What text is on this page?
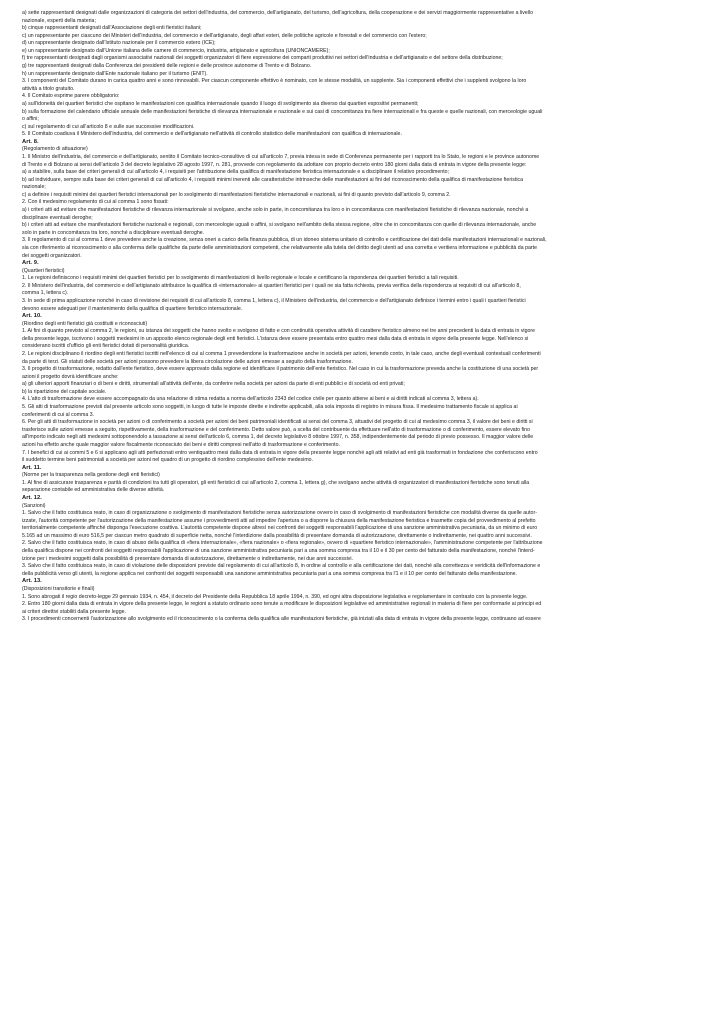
a) sette rappresentanti designati dalle organizzazioni di categoria dei settori dell'industria, del commercio, dell'artigianato, del turismo, dell'agricoltura, della cooperazione e dei servizi maggiormente rappresentative a livello
nazionale, esperti della materia;
b) cinque rappresentanti designati dall'Associazione degli enti fieristici italiani;
c) un rappresentante per ciascuno dei Ministeri dell'industria, del commercio e dell'artigianato, degli affari esteri, delle politiche agricole e forestali e del commercio con l'estero;
d) un rappresentante designato dall'Istituto nazionale per il commercio estero (ICE);
e) un rappresentante designato dall'Unione italiana delle camere di commercio, industria, artigianato e agricoltura (UNIONCAMERE);
f) tre rappresentanti designati dagli organismi associativi nazionali dei soggetti organizzatori di fiere espressione dei comparti produttivi nei settori dell'industria e dell'artigianato e del settore della distribuzione;
g) tre rappresentanti designati dalla Conferenza dei presidenti delle regioni e delle province autonome di Trento e di Bolzano.
h) un rappresentante designato dall'Ente nazionale italiano per il turismo (ENIT).
3. I componenti del Comitato durano in carica quattro anni e sono rinnovabili. Per ciascun componente effettivo è nominato, con le stesse modalità, un supplente. Sia i componenti effettivi che i supplenti svolgono la loro
attività a titolo gratuito.
4. Il Comitato esprime parere obbligatorio:
a) sull'idoneità dei quartieri fieristici che ospitano le manifestazioni con qualifica internazionale quando il luogo di svolgimento sia diverso dai quartieri espositivi permanenti;
b) sulla formazione del calendario ufficiale annuale delle manifestazioni fieristiche di rilevanza internazionale e nazionale e sui casi di concomitanza tra fiere internazionali e fra queste e quelle nazionali, con merceologie uguali
o affini;
c) sul regolamento di cui all'articolo 8 e sulle sue successive modificazioni.
5. Il Comitato coadiuva il Ministero dell'industria, del commercio e dell'artigianato nell'attività di controllo statistico delle manifestazioni con qualifica di internazionale.
Art. 8.
(Regolamento di attuazione)
1. Il Ministro dell'industria, del commercio e dell'artigianato, sentito il Comitato tecnico-consultivo di cui all'articolo 7, previa intesa in sede di Conferenza permanente per i rapporti tra lo Stato, le regioni e le province autonome
di Trento e di Bolzano ai sensi dell'articolo 3 del decreto legislativo 28 agosto 1997, n. 281, provvede con regolamento da adottare con proprio decreto entro 180 giorni dalla data di entrata in vigore della presente legge:
a) a stabilire, sulla base dei criteri generali di cui all'articolo 4, i requisiti per l'attribuzione della qualifica di manifestazione fieristica internazionale e a disciplinare il relativo procedimento;
b) ad individuare, sempre sulla base dei criteri generali di cui all'articolo 4, i requisiti minimi inerenti alle caratteristiche intrinseche delle manifestazioni ai fini del riconoscimento della qualifica di manifestazione fieristica
nazionale;
c) a definire i requisiti minimi dei quartieri fieristici internazionali per lo svolgimento di manifestazioni fieristiche internazionali e nazionali, ai fini di quanto previsto dall'articolo 9, comma 2.
2. Con il medesimo regolamento di cui al comma 1 sono fissati:
a) i criteri atti ad evitare che manifestazioni fieristiche di rilevanza internazionale si svolgano, anche solo in parte, in concomitanza tra loro o in concomitanza con manifestazioni fieristiche di rilevanza nazionale, nonché a
disciplinare eventuali deroghe;
b) i criteri atti ad evitare che manifestazioni fieristiche nazionali e regionali, con merceologie uguali o affini, si svolgano nell'ambito della stessa regione, oltre che in concomitanza con quelle di rilevanza internazionale, anche
solo in parte in concomitanza tra loro, nonché a disciplinare eventuali deroghe.
3. Il regolamento di cui al comma 1 deve prevedere anche la creazione, senza oneri a carico della finanza pubblica, di un idoneo sistema unitario di controllo e certificazione dei dati delle manifestazioni internazionali e nazionali,
sia con riferimento al riconoscimento o alla conferma delle qualifiche da parte delle amministrazioni competenti, che relativamente alla tutela del diritto degli utenti ad una corretta e veritiera informazione e pubblicità da parte
dei soggetti organizzatori.
Art. 9.
(Quartieri fieristici)
1. Le regioni definiscono i requisiti minimi dei quartieri fieristici per lo svolgimento di manifestazioni di livello regionale e locale e certificano la rispondenza dei quartieri fieristici a tali requisiti.
2. Il Ministero dell'industria, del commercio e dell'artigianato attribuisce la qualifica di «internazionale» ai quartieri fieristici per i quali ne sia fatta richiesta, previa verifica della rispondenza ai requisiti di cui all'articolo 8,
comma 1, lettera c).
3. In sede di prima applicazione nonché in caso di revisione dei requisiti di cui all'articolo 8, comma 1, lettera c), il Ministero dell'industria, del commercio e dell'artigianato definisce i termini entro i quali i quartieri fieristici
devono essere adeguati per il mantenimento della qualifica di quartiere fieristico internazionale.
Art. 10.
(Riordino degli enti fieristici già costituiti e riconosciuti)
1. Ai fini di quanto previsto al comma 2, le regioni, su istanza dei soggetti che hanno svolto e svolgono di fatto e con continuità operativa attività di carattere fieristico almeno nei tre anni precedenti la data di entrata in vigore
della presente legge, iscrivono i soggetti medesimi in un apposito elenco regionale degli enti fieristici. L'istanza deve essere presentata entro quattro mesi dalla data di entrata in vigore della presente legge. Nell'elenco si
considerano iscritti d'ufficio gli enti fieristici dotati di personalità giuridica.
2. Le regioni disciplinano il riordino degli enti fieristici iscritti nell'elenco di cui al comma 1 prevedendone la trasformazione anche in società per azioni, tenendo conto, in tale caso, anche degli eventuali contestuali conferimenti
da parte di terzi. Gli statuti delle società per azioni possono prevedere la libera circolazione delle azioni emesse a seguito della trasformazione.
3. Il progetto di trasformazione, redatto dall'ente fieristico, deve essere approvato dalla regione ed identificare il patrimonio dell'ente fieristico. Nel caso in cui la trasformazione preveda anche la costituzione di una società per
azioni il progetto dovrà identificare anche:
a) gli ulteriori apporti finanziari o di beni e diritti, strumentali all'attività dell'ente, da conferire nella società per azioni da parte di enti pubblici e di società od enti privati;
b) la ripartizione del capitale sociale.
4. L'atto di trasformazione deve essere accompagnato da una relazione di stima redatta a norma dell'articolo 2343 del codice civile per quanto attiene ai beni e ai diritti indicati al comma 3, lettera a).
5. Gli atti di trasformazione previsti dal presente articolo sono soggetti, in luogo di tutte le imposte dirette e indirette applicabili, alla sola imposta di registro in misura fissa. Il medesimo trattamento fiscale si applica ai
conferimenti di cui al comma 3.
6. Per gli atti di trasformazione in società per azioni o di conferimento a società per azioni dei beni patrimoniali identificati ai sensi del comma 3, attuativi del progetto di cui al medesimo comma 3, il valore dei beni e diritti si
trasferisce sulle azioni emesse a seguito, rispettivamente, della trasformazione e del conferimento. Detto valore può, a scelta del contribuente da effettuare nell'atto di trasformazione o di conferimento, essere elevato fino
all'importo indicato negli atti medesimi sottoponendolo a tassazione ai sensi dell'articolo 6, comma 1, del decreto legislativo 8 ottobre 1997, n. 358, indipendentemente dal periodo di previo possesso. Il maggior valore delle
azioni ha effetto anche quale maggior valore fiscalmente riconosciuto dei beni e diritti compresi nell'atto di trasformazione e conferimento.
7. I benefici di cui ai commi 5 e 6 si applicano agli atti perfezionati entro ventiquattro mesi dalla data di entrata in vigore della presente legge nonché agli atti relativi ad enti già trasformati in fondazione che conferiscono entro
il suddetto termine beni patrimoniali a società per azioni nel quadro di un progetto di riordino complessivo dell'ente medesimo.
Art. 11.
(Norme per la trasparenza nella gestione degli enti fieristici)
1. Al fine di assicurare trasparenza e parità di condizioni tra tutti gli operatori, gli enti fieristici di cui all'articolo 2, comma 1, lettera g), che svolgano anche attività di organizzatori di manifestazioni fieristiche sono tenuti alla
separazione contabile ed amministrativa delle diverse attività.
Art. 12.
(Sanzioni)
1. Salvo che il fatto costituisca reato, in caso di organizzazione o svolgimento di manifestazioni fieristiche senza autorizzazione ovvero in caso di svolgimento di manifestazioni fieristiche con modalità diverse da quelle autor-
izzate, l'autorità competente per l'autorizzazione della manifestazione assume i provvedimenti atti ad impedire l'apertura o a disporre la chiusura della manifestazione fieristica e trasmette copia del provvedimento al prefetto
territorialmente competente affinché disponga l'esecuzione coattiva. L'autorità competente dispone altresì nei confronti dei soggetti responsabili l'applicazione di una sanzione amministrativa pecuniaria, da un minimo di euro
5.165 ad un massimo di euro 516,5 per ciascun metro quadrato di superficie netta, nonché l'interdizione dalla possibilità di presentare domanda di autorizzazione, direttamente o indirettamente, nei quattro anni successivi.
2. Salvo che il fatto costituisca reato, in caso di abuso della qualifica di «fiera internazionale», «fiera nazionale» o «fiera regionale», ovvero di «quartiere fieristico internazionale», l'amministrazione competente per l'attribuzione
della qualifica dispone nei confronti dei soggetti responsabili l'applicazione di una sanzione amministrativa pecuniaria pari a una somma compresa tra il 10 e il 30 per cento del fatturato della manifestazione, nonché l'interd-
izione per i medesimi soggetti dalla possibilità di presentare domanda di autorizzazione, direttamente o indirettamente, nei due anni successivi.
3. Salvo che il fatto costituisca reato, in caso di violazione delle disposizioni previste dal regolamento di cui all'articolo 8, in ordine al controllo e alla certificazione dei dati, nonché alla correttezza e veridicità dell'informazione e
della pubblicità verso gli utenti, la regione applica nei confronti dei soggetti responsabili una sanzione amministrativa pecuniaria pari a una somma compresa tra l'1 e il 10 per cento del fatturato della manifestazione.
Art. 13.
(Disposizioni transitorie e finali)
1. Sono abrogati il regio decreto-legge 29 gennaio 1934, n. 454, il decreto del Presidente della Repubblica 18 aprile 1994, n. 390, ed ogni altra disposizione legislativa e regolamentare in contrasto con la presente legge.
2. Entro 180 giorni dalla data di entrata in vigore della presente legge, le regioni a statuto ordinario sono tenute a modificare le disposizioni legislative ed amministrative regionali in materia di fiere per conformarle ai principi ed
ai criteri direttivi stabiliti dalla presente legge.
3. I procedimenti concernenti l'autorizzazione allo svolgimento ed il riconoscimento o la conferma della qualifica alle manifestazioni fieristiche, già iniziati alla data di entrata in vigore della presente legge, continuano ad essere
